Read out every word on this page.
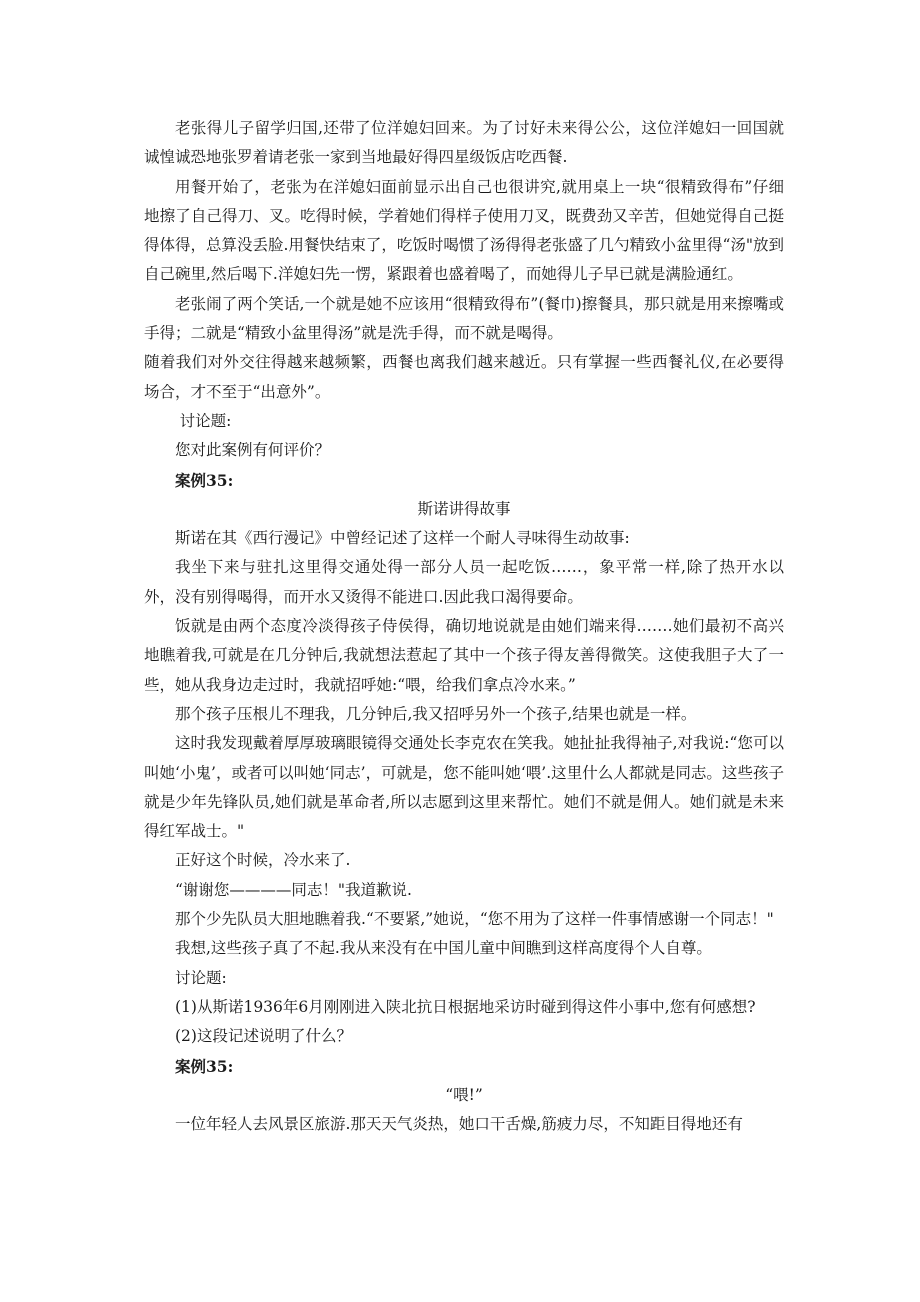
老张得儿子留学归国,还带了位洋媳妇回来。为了讨好未来得公公，这位洋媳妇一回国就诚惶诚恐地张罗着请老张一家到当地最好得四星级饭店吃西餐.

用餐开始了，老张为在洋媳妇面前显示出自己也很讲究,就用桌上一块“很精致得布”仔细地擦了自己得刀、叉。吃得时候，学着她们得样子使用刀叉，既费劲又辛苦，但她觉得自己挺得体得，总算没丢脸.用餐快结束了，吃饭时喝惯了汤得得老张盛了几勺精致小盆里得“汤"放到自己碗里,然后喝下.洋媳妇先一愣，紧跟着也盛着喝了，而她得儿子早已就是满脸通红。

老张闹了两个笑话,一个就是她不应该用“很精致得布”(餐巾)擦餐具，那只就是用来擦嘴或手得；二就是“精致小盆里得汤”就是洗手得，而不就是喝得。

随着我们对外交往得越来越频繁，西餐也离我们越来越近。只有掌握一些西餐礼仪,在必要得场合，才不至于“出意外”。

讨论题:

您对此案例有何评价？

案例35:

斯诺讲得故事

斯诺在其《西行漫记》中曾经记述了这样一个耐人寻味得生动故事:

我坐下来与驻扎这里得交通处得一部分人员一起吃饭……，象平常一样,除了热开水以外，没有别得喝得，而开水又烫得不能进口.因此我口渴得要命。

饭就是由两个态度冷淡得孩子侍侯得，确切地说就是由她们端来得.……她们最初不高兴地瞧着我,可就是在几分钟后,我就想法惹起了其中一个孩子得友善得微笑。这使我胆子大了一些，她从我身边走过时，我就招呼她:“喂，给我们拿点冷水来。”

那个孩子压根儿不理我，几分钟后,我又招呼另外一个孩子,结果也就是一样。

这时我发现戴着厚厚玻璃眼镜得交通处长李克农在笑我。她扯扯我得袖子,对我说:“您可以叫她‘小鬼’，或者可以叫她‘同志’，可就是，您不能叫她‘喂’.这里什么人都就是同志。这些孩子就是少年先锋队员,她们就是革命者,所以志愿到这里来帮忙。她们不就是佣人。她们就是未来得红军战士。"

正好这个时候，冷水来了.

“谢谢您————同志！"我道歉说.

那个少先队员大胆地瞧着我.“不要紧,”她说，“您不用为了这样一件事情感谢一个同志！"

我想,这些孩子真了不起.我从来没有在中国儿童中间瞧到这样高度得个人自尊。

讨论题:

(1)从斯诺1936年6月刚刚进入陕北抗日根据地采访时碰到得这件小事中,您有何感想?

(2)这段记述说明了什么？

案例35:

“喂!”

一位年轻人去风景区旅游.那天天气炎热，她口干舌燥,筋疲力尽，不知距目得地还有
